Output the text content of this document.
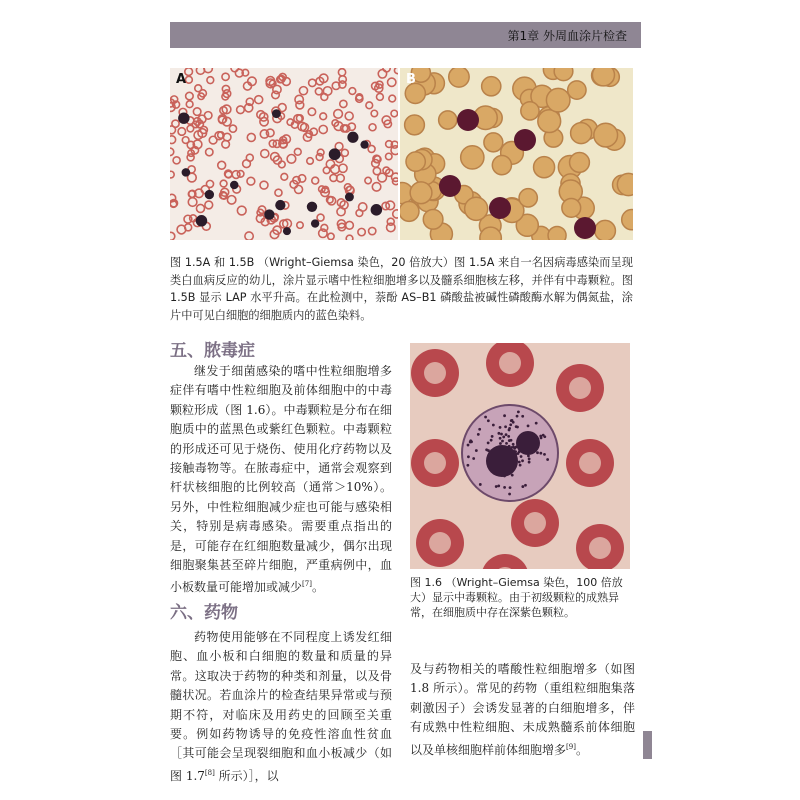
第1章 外周血涂片检查
A	B
图 1.5A 和 1.5B （Wright–Giemsa 染色，20 倍放大）图 1.5A 来自一名因病毒感染而呈现类白血病反应的幼儿，涂片显示嗜中性粒细胞增多以及髓系细胞核左移，并伴有中毒颗粒。图 1.5B 显示 LAP 水平升高。在此检测中，萘酚 AS–B1 磷酸盐被碱性磷酸酶水解为偶氮盐，涂片中可见白细胞的细胞质内的蓝色染料。
五、脓毒症

继发于细菌感染的嗜中性粒细胞增多症伴有嗜中性粒细胞及前体细胞中的中毒颗粒形成（图 1.6）。中毒颗粒是分布在细胞质中的蓝黑色或紫红色颗粒。中毒颗粒的形成还可见于烧伤、使用化疗药物以及接触毒物等。在脓毒症中，通常会观察到杆状核细胞的比例较高（通常＞10%）。另外，中性粒细胞减少症也可能与感染相关，特别是病毒感染。需要重点指出的是，可能存在红细胞数量减少，偶尔出现细胞聚集甚至碎片细胞，严重病例中，血小板数量可能增加或减少[7]。	图 1.6 （Wright–Giemsa 染色，100 倍放大）显示中毒颗粒。由于初级颗粒的成熟异常，在细胞质中存在深紫色颗粒。
六、药物

药物使用能够在不同程度上诱发红细胞、血小板和白细胞的数量和质量的异常。这取决于药物的种类和剂量，以及骨髓状况。若血涂片的检查结果异常或与预期不符，对临床及用药史的回顾至关重要。例如药物诱导的免疫性溶血性贫血［其可能会呈现裂细胞和血小板减少（如图 1.7[8] 所示）］，以

及与药物相关的嗜酸性粒细胞增多（如图 1.8 所示）。常见的药物（重组粒细胞集落刺激因子）会诱发显著的白细胞增多，伴有成熟中性粒细胞、未成熟髓系前体细胞以及单核细胞样前体细胞增多[9]。
